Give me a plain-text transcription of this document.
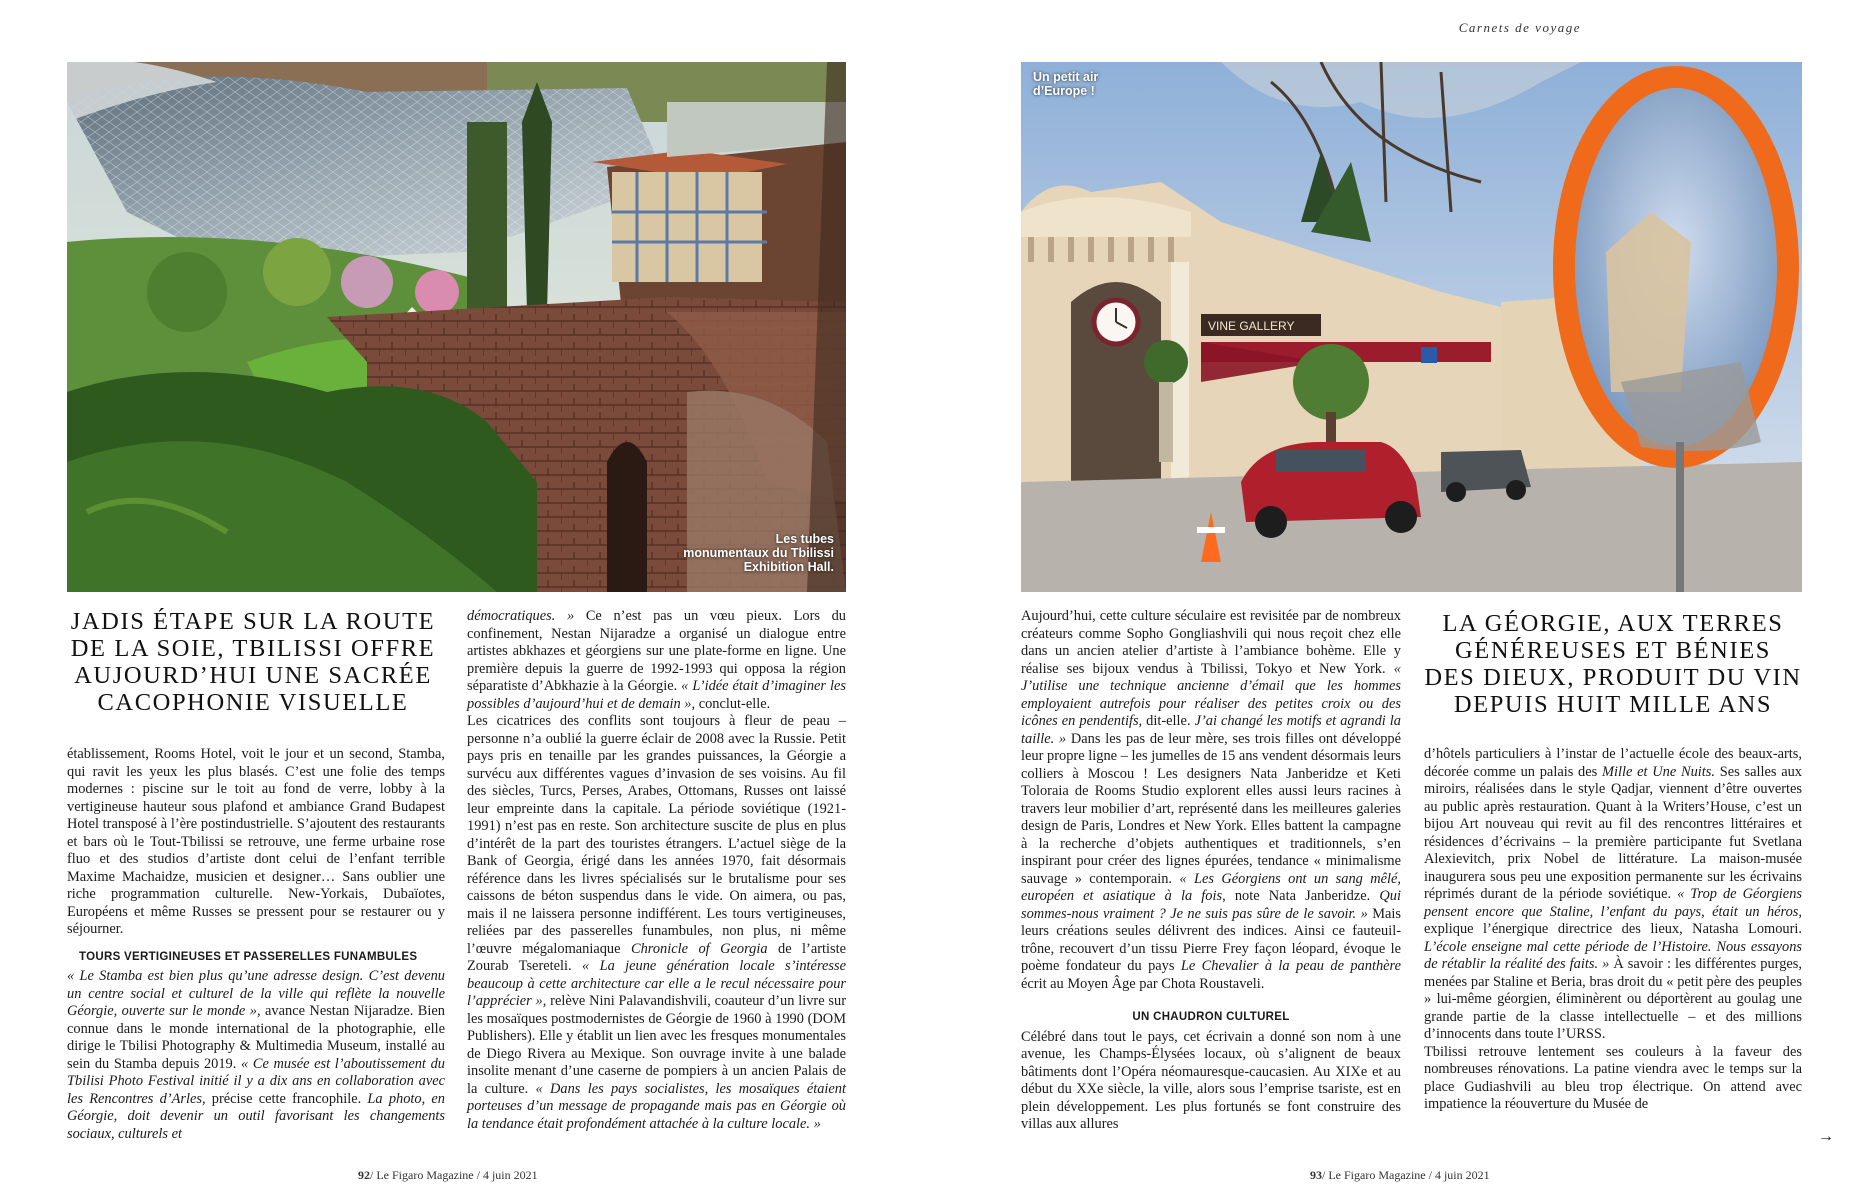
Les tubes
monumentaux du Tbilissi
Exhibition Hall.
JADIS ÉTAPE SUR LA ROUTE
DE LA SOIE, TBILISSI OFFRE
AUJOURD’HUI UNE SACRÉE
CACOPHONIE VISUELLE

établissement, Rooms Hotel, voit le jour et un second, Stamba, qui ravit les yeux les plus blasés. C’est une folie des temps modernes : piscine sur le toit au fond de verre, lobby à la vertigineuse hauteur sous plafond et ambiance Grand Budapest Hotel transposé à l’ère postindustrielle. S’ajoutent des restaurants et bars où le Tout-Tbilissi se retrouve, une ferme urbaine rose fluo et des studios d’artiste dont celui de l’enfant terrible Maxime Machaidze, musicien et designer… Sans oublier une riche programmation culturelle. New-Yorkais, Dubaïotes, Européens et même Russes se pressent pour se restaurer ou y séjourner.

TOURS VERTIGINEUSES ET PASSERELLES FUNAMBULES

« Le Stamba est bien plus qu’une adresse design. C’est devenu un centre social et culturel de la ville qui reflète la nouvelle Géorgie, ouverte sur le monde », avance Nestan Nijaradze. Bien connue dans le monde international de la photographie, elle dirige le Tbilisi Photography & Multimedia Museum, installé au sein du Stamba depuis 2019. « Ce musée est l’aboutissement du Tbilisi Photo Festival initié il y a dix ans en collaboration avec les Rencontres d’Arles, précise cette francophile. La photo, en Géorgie, doit devenir un outil favorisant les changements sociaux, culturels et

démocratiques. » Ce n’est pas un vœu pieux. Lors du confinement, Nestan Nijaradze a organisé un dialogue entre artistes abkhazes et géorgiens sur une plate-forme en ligne. Une première depuis la guerre de 1992-1993 qui opposa la région séparatiste d’Abkhazie à la Géorgie. « L’idée était d’imaginer les possibles d’aujourd’hui et de demain », conclut-elle.

Les cicatrices des conflits sont toujours à fleur de peau – personne n’a oublié la guerre éclair de 2008 avec la Russie. Petit pays pris en tenaille par les grandes puissances, la Géorgie a survécu aux différentes vagues d’invasion de ses voisins. Au fil des siècles, Turcs, Perses, Arabes, Ottomans, Russes ont laissé leur empreinte dans la capitale. La période soviétique (1921-1991) n’est pas en reste. Son architecture suscite de plus en plus d’intérêt de la part des touristes étrangers. L’actuel siège de la Bank of Georgia, érigé dans les années 1970, fait désormais référence dans les livres spécialisés sur le brutalisme pour ses caissons de béton suspendus dans le vide. On aimera, ou pas, mais il ne laissera personne indifférent. Les tours vertigineuses, reliées par des passerelles funambules, non plus, ni même l’œuvre mégalomaniaque Chronicle of Georgia de l’artiste Zourab Tsereteli. « La jeune génération locale s’intéresse beaucoup à cette architecture car elle a le recul nécessaire pour l’apprécier », relève Nini Palavandishvili, coauteur d’un livre sur les mosaïques postmodernistes de Géorgie de 1960 à 1990 (DOM Publishers). Elle y établit un lien avec les fresques monumentales de Diego Rivera au Mexique. Son ouvrage invite à une balade insolite menant d’une caserne de pompiers à un ancien Palais de la culture. « Dans les pays socialistes, les mosaïques étaient porteuses d’un message de propagande mais pas en Géorgie où la tendance était profondément attachée à la culture locale. »

92/ Le Figaro Magazine / 4 juin 2021
Carnets de voyage
VINE GALLERY
Un petit air
d’Europe !

Aujourd’hui, cette culture séculaire est revisitée par de nombreux créateurs comme Sopho Gongliashvili qui nous reçoit chez elle dans un ancien atelier d’artiste à l’ambiance bohème. Elle y réalise ses bijoux vendus à Tbilissi, Tokyo et New York. « J’utilise une technique ancienne d’émail que les hommes employaient autrefois pour réaliser des petites croix ou des icônes en pendentifs, dit-elle. J’ai changé les motifs et agrandi la taille. » Dans les pas de leur mère, ses trois filles ont développé leur propre ligne – les jumelles de 15 ans vendent désormais leurs colliers à Moscou ! Les designers Nata Janberidze et Keti Toloraia de Rooms Studio explorent elles aussi leurs racines à travers leur mobilier d’art, représenté dans les meilleures galeries design de Paris, Londres et New York. Elles battent la campagne à la recherche d’objets authentiques et traditionnels, s’en inspirant pour créer des lignes épurées, tendance « minimalisme sauvage » contemporain. « Les Géorgiens ont un sang mêlé, européen et asiatique à la fois, note Nata Janberidze. Qui sommes-nous vraiment ? Je ne suis pas sûre de le savoir. » Mais leurs créations seules délivrent des indices. Ainsi ce fauteuil-trône, recouvert d’un tissu Pierre Frey façon léopard, évoque le poème fondateur du pays Le Chevalier à la peau de panthère écrit au Moyen Âge par Chota Roustaveli.

UN CHAUDRON CULTUREL

Célébré dans tout le pays, cet écrivain a donné son nom à une avenue, les Champs-Élysées locaux, où s’alignent de beaux bâtiments dont l’Opéra néomauresque-caucasien. Au XIXe et au début du XXe siècle, la ville, alors sous l’emprise tsariste, est en plein développement. Les plus fortunés se font construire des villas aux allures

LA GÉORGIE, AUX TERRES
GÉNÉREUSES ET BÉNIES
DES DIEUX, PRODUIT DU VIN
DEPUIS HUIT MILLE ANS

d’hôtels particuliers à l’instar de l’actuelle école des beaux-arts, décorée comme un palais des Mille et Une Nuits. Ses salles aux miroirs, réalisées dans le style Qadjar, viennent d’être ouvertes au public après restauration. Quant à la Writers’House, c’est un bijou Art nouveau qui revit au fil des rencontres littéraires et résidences d’écrivains – la première participante fut Svetlana Alexievitch, prix Nobel de littérature. La maison-musée inaugurera sous peu une exposition permanente sur les écrivains réprimés durant de la période soviétique. « Trop de Géorgiens pensent encore que Staline, l’enfant du pays, était un héros, explique l’énergique directrice des lieux, Natasha Lomouri. L’école enseigne mal cette période de l’Histoire. Nous essayons de rétablir la réalité des faits. » À savoir : les différentes purges, menées par Staline et Beria, bras droit du « petit père des peuples » lui-même géorgien, éliminèrent ou déportèrent au goulag une grande partie de la classe intellectuelle – et des millions d’innocents dans toute l’URSS.

Tbilissi retrouve lentement ses couleurs à la faveur des nombreuses rénovations. La patine viendra avec le temps sur la place Gudiashvili au bleu trop électrique. On attend avec impatience la réouverture du Musée de

93/ Le Figaro Magazine / 4 juin 2021
→
